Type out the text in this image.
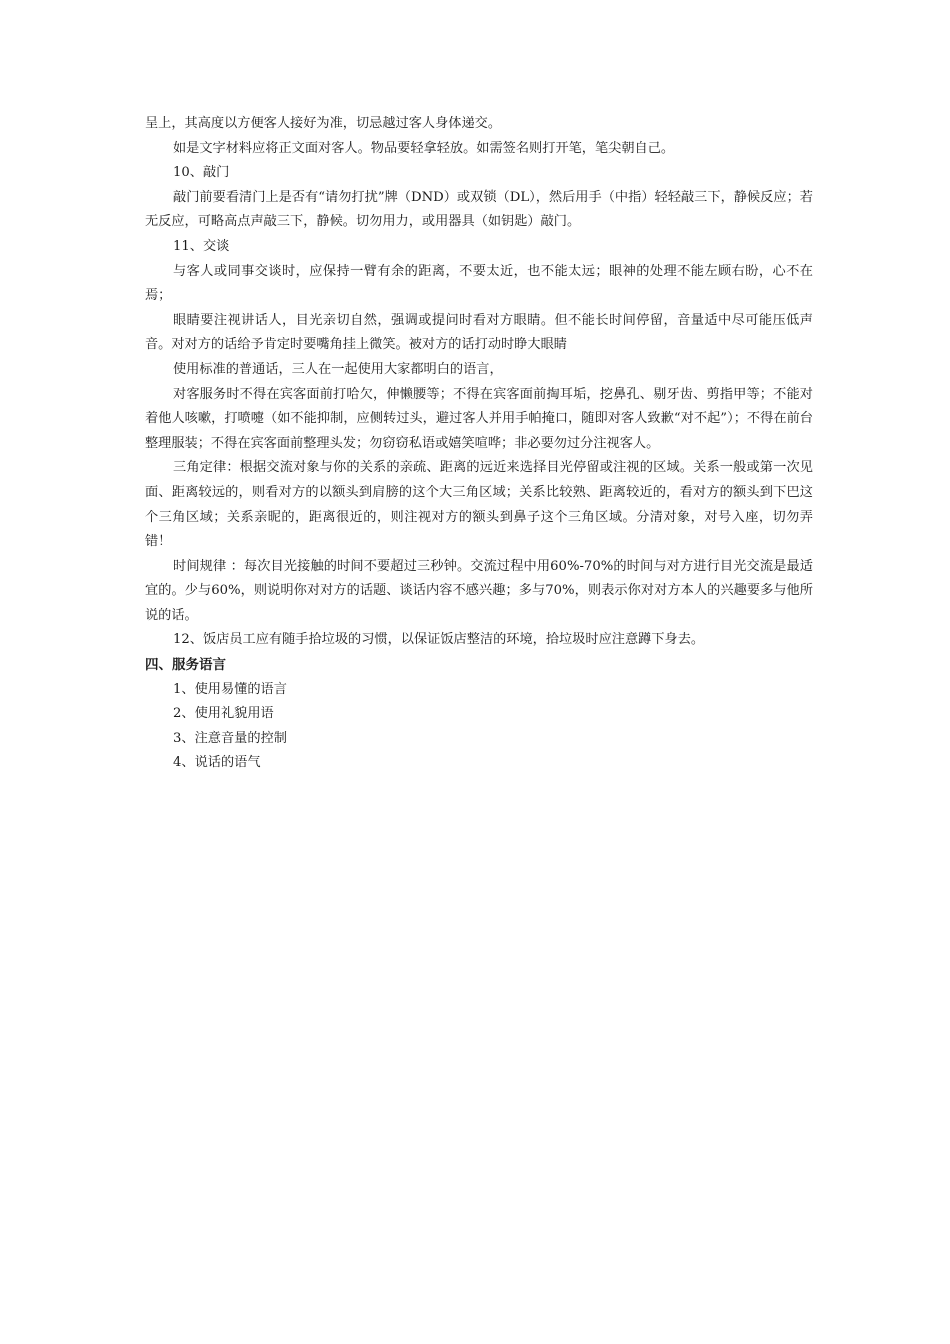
呈上，其高度以方便客人接好为准，切忌越过客人身体递交。

如是文字材料应将正文面对客人。物品要轻拿轻放。如需签名则打开笔，笔尖朝自己。

10、敲门

敲门前要看清门上是否有“请勿打扰”牌（DND）或双锁（DL），然后用手（中指）轻轻敲三下，静候反应；若无反应，可略高点声敲三下，静候。切勿用力，或用器具（如钥匙）敲门。

11、交谈

与客人或同事交谈时，应保持一臂有余的距离，不要太近，也不能太远；眼神的处理不能左顾右盼，心不在焉；

眼睛要注视讲话人，目光亲切自然，强调或提问时看对方眼睛。但不能长时间停留，音量适中尽可能压低声音。对对方的话给予肯定时要嘴角挂上微笑。被对方的话打动时睁大眼睛

使用标准的普通话，三人在一起使用大家都明白的语言，

对客服务时不得在宾客面前打哈欠，伸懒腰等；不得在宾客面前掏耳垢，挖鼻孔、剔牙齿、剪指甲等；不能对着他人咳嗽，打喷嚏（如不能抑制，应侧转过头，避过客人并用手帕掩口，随即对客人致歉“对不起”）；不得在前台整理服装；不得在宾客面前整理头发；勿窃窃私语或嬉笑喧哗；非必要勿过分注视客人。

三角定律：根据交流对象与你的关系的亲疏、距离的远近来选择目光停留或注视的区域。关系一般或第一次见面、距离较远的，则看对方的以额头到肩膀的这个大三角区域；关系比较熟、距离较近的，看对方的额头到下巴这个三角区域；关系亲昵的，距离很近的，则注视对方的额头到鼻子这个三角区域。分清对象，对号入座，切勿弄错！

时间规律 ：每次目光接触的时间不要超过三秒钟。交流过程中用60%-70%的时间与对方进行目光交流是最适宜的。少与60%，则说明你对对方的话题、谈话内容不感兴趣；多与70%，则表示你对对方本人的兴趣要多与他所说的话。

12、饭店员工应有随手拾垃圾的习惯，以保证饭店整洁的环境，拾垃圾时应注意蹲下身去。

四、服务语言

1、使用易懂的语言

2、使用礼貌用语

3、注意音量的控制

4、说话的语气
